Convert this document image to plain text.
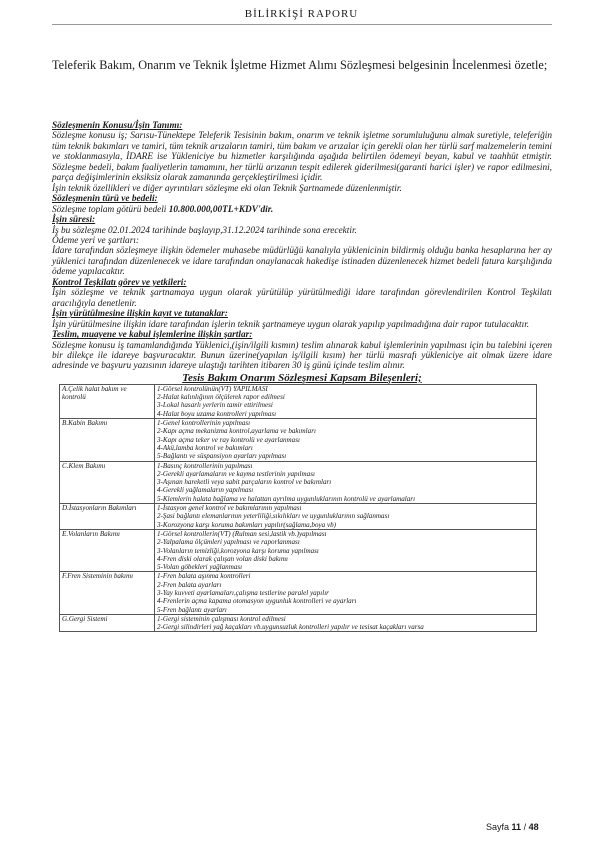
BİLİRKİŞİ RAPORU
Teleferik Bakım, Onarım ve Teknik İşletme Hizmet Alımı Sözleşmesi belgesinin İncelenmesi özetle;

Sözleşmenin Konusu/İşin Tanımı:

Sözleşme konusu iş; Sarısu-Tünektepe Teleferik Tesisinin bakım, onarım ve teknik işletme sorumluluğunu almak suretiyle, teleferiğin tüm teknik bakımları ve tamiri, tüm teknik arızaların tamiri, tüm bakım ve arızalar için gerekli olan her türlü sarf malzemelerin temini ve stoklanmasıyla, İDARE ise Yükleniciye bu hizmetler karşılığında aşağıda belirtilen ödemeyi beyan, kabul ve taahhüt etmiştir. Sözleşme bedeli, bakım faaliyetlerin tamamını, her türlü arızanın tespit edilerek giderilmesi(garanti harici işler) ve rapor edilmesini, parça değişimlerinin eksiksiz olarak zamanında gerçekleştirilmesi içidir.

İşin teknik özellikleri ve diğer ayrıntıları sözleşme eki olan Teknik Şartnamede düzenlenmiştir.

Sözleşmenin türü ve bedeli:

Sözleşme toplam götürü bedeli 10.800.000,00TL+KDV'dir.

İşin süresi:

İş bu sözleşme 02.01.2024 tarihinde başlayıp,31.12.2024 tarihinde sona erecektir.

Ödeme yeri ve şartları:

İdare tarafından sözleşmeye ilişkin ödemeler muhasebe müdürlüğü kanalıyla yüklenicinin bildirmiş olduğu banka hesaplarına her ay yüklenici tarafından düzenlenecek ve idare tarafından onaylanacak hakedişe istinaden düzenlenecek hizmet bedeli fatura karşılığında ödeme yapılacaktır.

Kontrol Teşkilatı görev ve yetkileri:

İşin sözleşme ve teknik şartnamaya uygun olarak yürütülüp yürütülmediği idare tarafından görevlendirilen Kontrol Teşkilatı aracılığıyla denetlenir.

İşin yürütülmesine ilişkin kayıt ve tutanaklar:

İşin yürütülmesine ilişkin idare tarafından işlerin teknik şartnameye uygun olarak yapılıp yapılmadığına dair rapor tutulacaktır.

Teslim, muayene ve kabul işlemlerine ilişkin şartlar:

Sözleşme konusu iş tamamlandığında Yüklenici,(işin/ilgili kısmın) teslim alınarak kabul işlemlerinin yapılması için bu talebini içeren bir dilekçe ile idareye başvuracaktır. Bunun üzerine(yapılan iş/ilgili kısım) her türlü masrafı yükleniciye ait olmak üzere idare adresinde ve başvuru yazısının idareye ulaştığı tarihten itibaren 30 iş günü içinde teslim alınır.

Tesis Bakım Onarım Sözleşmesi Kapsam Bileşenleri;
A.Çelik halat bakım ve kontrolü	1-Görsel kontrolünün(VT) YAPILMASI
2-Halat kalınlığının ölçülerek rapor edilmesi
3-Lokal hasarlı yerlerin tamir ettirilmesi
4-Halat boyu uzama kontrolleri yapılması

B.Kabin Bakımı	1-Genel kontrollerinin yapılması
2-Kapı açma mekanizma kontrol,ayarlama ve bakımları
3-Kapı açma teker ve ray kontrolü ve ayarlanması
4-Akü,lamba kontrol ve bakımları
5-Bağlantı ve süspansiyon ayarları yapılması

C.Klem Bakımı	1-Basınç kontrollerinin yapılması
2-Gerekli ayarlamaların ve kayma testlerinin yapılması
3-Aşınan hareketli veya sabit parçaların kontrol ve bakımları
4-Gerekli yağlamaların yapılması
5-Klemlerin halata bağlama ve halattan ayrılma uygunluklarının kontrolü ve ayarlamaları

D.İstasyonların Bakımları	1-İstasyon genel kontrol ve bakımlarının yapılması
2-Şasi bağlantı elemanlarının yeterliliği,sıkılıkları ve uygunluklarının sağlanması
3-Korozyona karşı koruma bakımları yapılır(sağlama,boya vb)

E.Volanların Bakımı	1-Görsel kontrollerin(VT) (Rulman sesi,lastik vb.)yapılması
2-Yalpalama ölçümleri yapılması ve raporlanması
3-Volanların temizliği,korozyona karşı koruma yapılması
4-Fren diski olarak çalışan volan diski bakımı
5-Volan göbekleri yağlanması

F.Fren Sisteminin bakımı	1-Fren balata aşınma kontrolleri
2-Fren balata ayarları
3-Yay kuvveti ayarlamaları,çalışma testlerine paralel yapılır
4-Frenlerin açma kapama otomasyon uygunluk kontrolleri ve ayarları
5-Fren bağlantı ayarları

G.Gergi Sistemi	1-Gergi sisteminin çalışması kontrol edilmesi
2-Gergi silindirleri yağ kaçakları vb.uygunsuzluk kontrolleri yapılır ve tesisat kaçakları varsa
Sayfa 11 / 48
